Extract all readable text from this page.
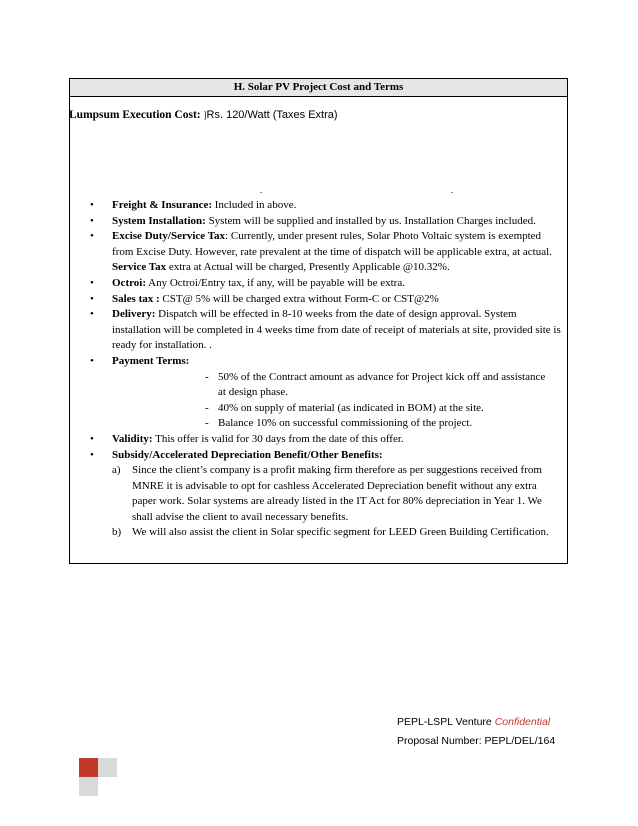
H. Solar PV Project Cost and Terms
Lumpsum Execution Cost: ]Rs. 120/Watt (Taxes Extra)
.	.
• Freight & Insurance: Included in above.
• System Installation: System will be supplied and installed by us. Installation Charges included.
• Excise Duty/Service Tax: Currently, under present rules, Solar Photo Voltaic system is exempted from Excise Duty. However, rate prevalent at the time of dispatch will be applicable extra, at actual. Service Tax extra at Actual will be charged, Presently Applicable @10.32%.
• Octroi: Any Octroi/Entry tax, if any, will be payable will be extra.
• Sales tax : CST@ 5% will be charged extra without Form-C or CST@2%
• Delivery: Dispatch will be effected in 8-10 weeks from the date of design approval. System installation will be completed in 4 weeks time from date of receipt of materials at site, provided site is ready for installation. .
• Payment Terms:
- 50% of the Contract amount as advance for Project kick off and assistance at design phase.
- 40% on supply of material (as indicated in BOM) at the site.
- Balance 10% on successful commissioning of the project.
• Validity: This offer is valid for 30 days from the date of this offer.
• Subsidy/Accelerated Depreciation Benefit/Other Benefits:
a) Since the client’s company is a profit making firm therefore as per suggestions received from MNRE it is advisable to opt for cashless Accelerated Depreciation benefit without any extra paper work. Solar systems are already listed in the IT Act for 80% depreciation in Year 1. We shall advise the client to avail necessary benefits.
b) We will also assist the client in Solar specific segment for LEED Green Building Certification.
PEPL-LSPL Venture Confidential
Proposal Number: PEPL/DEL/164
